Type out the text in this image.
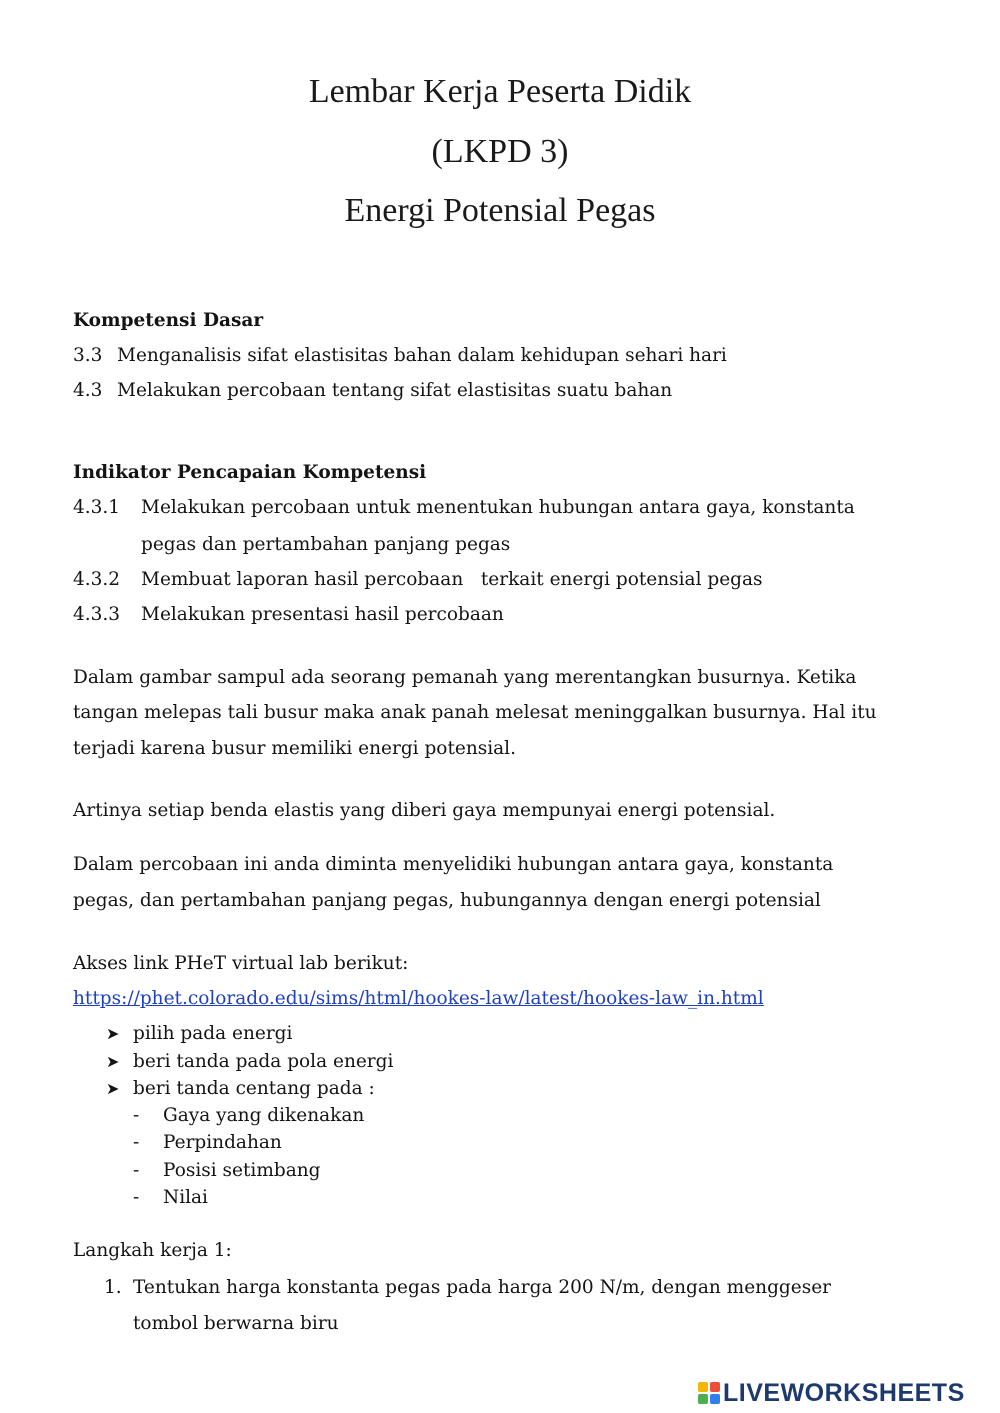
Lembar Kerja Peserta Didik
(LKPD 3)
Energi Potensial Pegas
Kompetensi Dasar
3.3 Menganalisis sifat elastisitas bahan dalam kehidupan sehari hari
4.3 Melakukan percobaan tentang sifat elastisitas suatu bahan
Indikator Pencapaian Kompetensi
4.3.1 Melakukan percobaan untuk menentukan hubungan antara gaya, konstanta
pegas dan pertambahan panjang pegas
4.3.2 Membuat laporan hasil percobaan   terkait energi potensial pegas
4.3.3 Melakukan presentasi hasil percobaan
Dalam gambar sampul ada seorang pemanah yang merentangkan busurnya. Ketika
tangan melepas tali busur maka anak panah melesat meninggalkan busurnya. Hal itu
terjadi karena busur memiliki energi potensial.
Artinya setiap benda elastis yang diberi gaya mempunyai energi potensial.
Dalam percobaan ini anda diminta menyelidiki hubungan antara gaya, konstanta
pegas, dan pertambahan panjang pegas, hubungannya dengan energi potensial
Akses link PHeT virtual lab berikut:
https://phet.colorado.edu/sims/html/hookes-law/latest/hookes-law_in.html
➤ pilih pada energi
➤ beri tanda pada pola energi
➤ beri tanda centang pada :
- Gaya yang dikenakan
- Perpindahan
- Posisi setimbang
- Nilai
Langkah kerja 1:
1. Tentukan harga konstanta pegas pada harga 200 N/m, dengan menggeser
tombol berwarna biru
LIVEWORKSHEETS
